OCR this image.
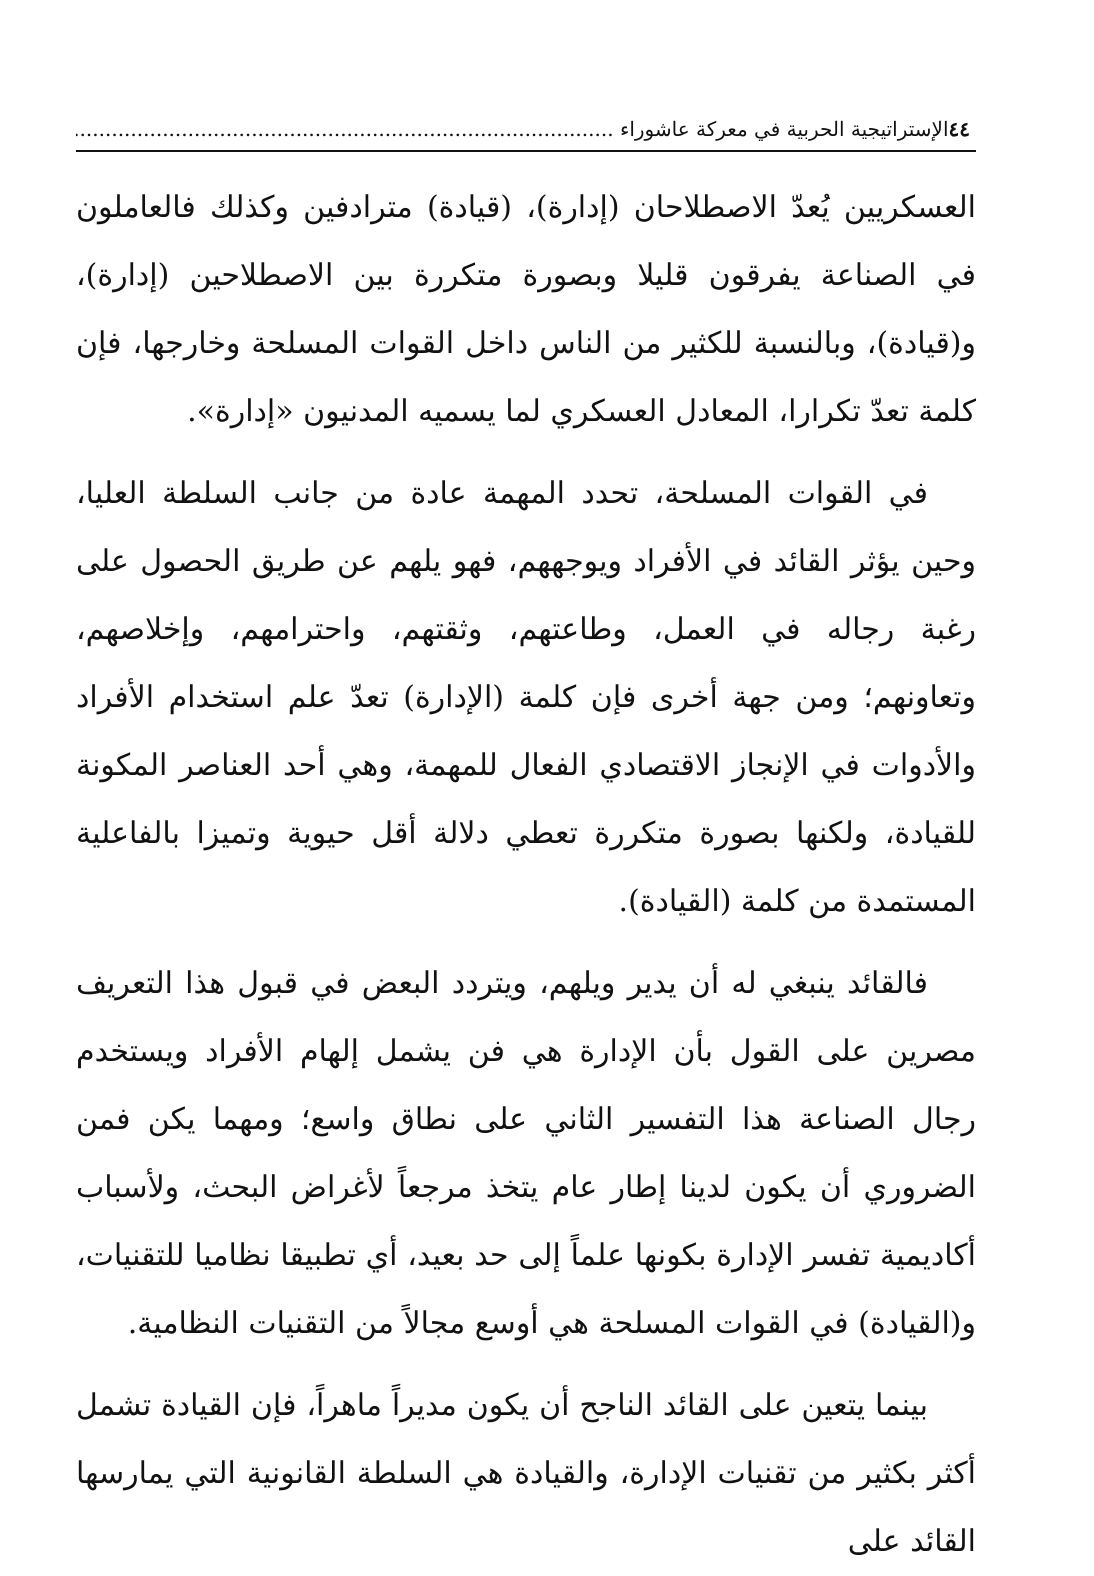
٤٤
الإستراتيجية الحربية في معركة عاشوراء .....

العسكريين يُعدّ الاصطلاحان (إدارة)، (قيادة) مترادفين وكذلك فالعاملون في الصناعة يفرقون قليلا وبصورة متكررة بين الاصطلاحين (إدارة)، و(قيادة)، وبالنسبة للكثير من الناس داخل القوات المسلحة وخارجها، فإن كلمة تعدّ تكرارا، المعادل العسكري لما يسميه المدنيون «إدارة».

في القوات المسلحة، تحدد المهمة عادة من جانب السلطة العليا، وحين يؤثر القائد في الأفراد ويوجههم، فهو يلهم عن طريق الحصول على رغبة رجاله في العمل، وطاعتهم، وثقتهم، واحترامهم، وإخلاصهم، وتعاونهم؛ ومن جهة أخرى فإن كلمة (الإدارة) تعدّ علم استخدام الأفراد والأدوات في الإنجاز الاقتصادي الفعال للمهمة، وهي أحد العناصر المكونة للقيادة، ولكنها بصورة متكررة تعطي دلالة أقل حيوية وتميزا بالفاعلية المستمدة من كلمة (القيادة).

فالقائد ينبغي له أن يدير ويلهم، ويتردد البعض في قبول هذا التعريف مصرين على القول بأن الإدارة هي فن يشمل إلهام الأفراد ويستخدم رجال الصناعة هذا التفسير الثاني على نطاق واسع؛ ومهما يكن فمن الضروري أن يكون لدينا إطار عام يتخذ مرجعاً لأغراض البحث، ولأسباب أكاديمية تفسر الإدارة بكونها علماً إلى حد بعيد، أي تطبيقا نظاميا للتقنيات، و(القيادة) في القوات المسلحة هي أوسع مجالاً من التقنيات النظامية.

بينما يتعين على القائد الناجح أن يكون مديراً ماهراً، فإن القيادة تشمل أكثر بكثير من تقنيات الإدارة، والقيادة هي السلطة القانونية التي يمارسها القائد على
